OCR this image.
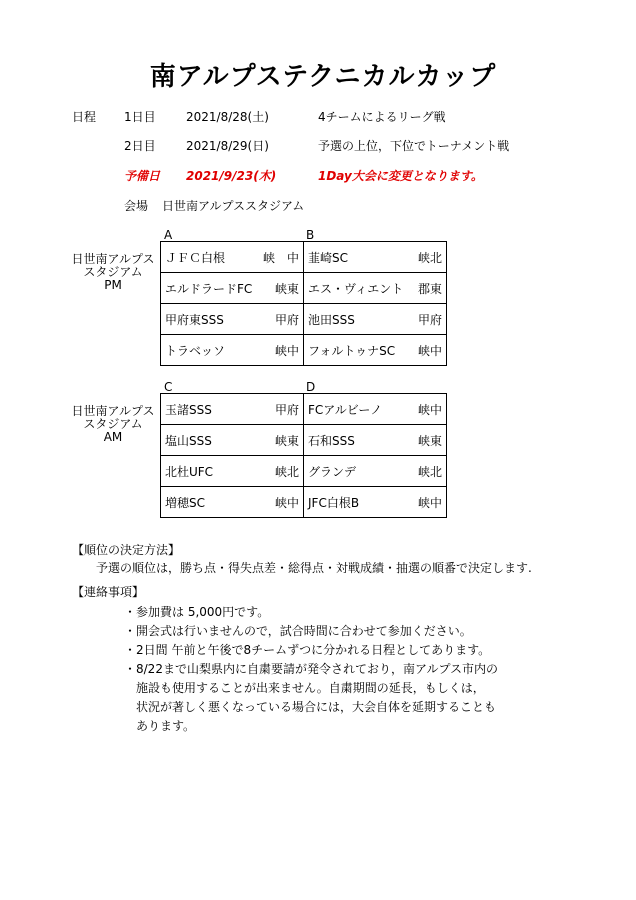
南アルプステクニカルカップ
日程 1日目	2021/8/28(土)	4チームによるリーグ戦
2日目	2021/8/29(日)	予選の上位，下位でトーナメント戦
予備日 2021/9/23(木)	1Day大会に変更となります。
会場 日世南アルプススタジアム
A	B
日世南アルプス
スタジアム
PM
ＪＦＣ白根 峡　中	韮崎SC 峡北

エルドラードFC 峡東	エス・ヴィエント 郡東

甲府東SSS 甲府	池田SSS 甲府

トラベッソ 峡中	フォルトゥナSC 峡中
C	D
日世南アルプス
スタジアム
AM
玉諸SSS 甲府	FCアルビーノ 峡中

塩山SSS 峡東	石和SSS 峡東

北杜UFC 峡北	グランデ 峡北

増穂SC 峡中	JFC白根B 峡中
【順位の決定方法】
予選の順位は，勝ち点・得失点差・総得点・対戦成績・抽選の順番で決定します.
【連絡事項】
・参加費は 5,000円です。
・開会式は行いませんので，試合時間に合わせて参加ください。
・2日間 午前と午後で8チームずつに分かれる日程としてあります。
・8/22まで山梨県内に自粛要請が発令されており，南アルプス市内の
施設も使用することが出来ません。自粛期間の延長，もしくは，
状況が著しく悪くなっている場合には，大会自体を延期することも
あります。
